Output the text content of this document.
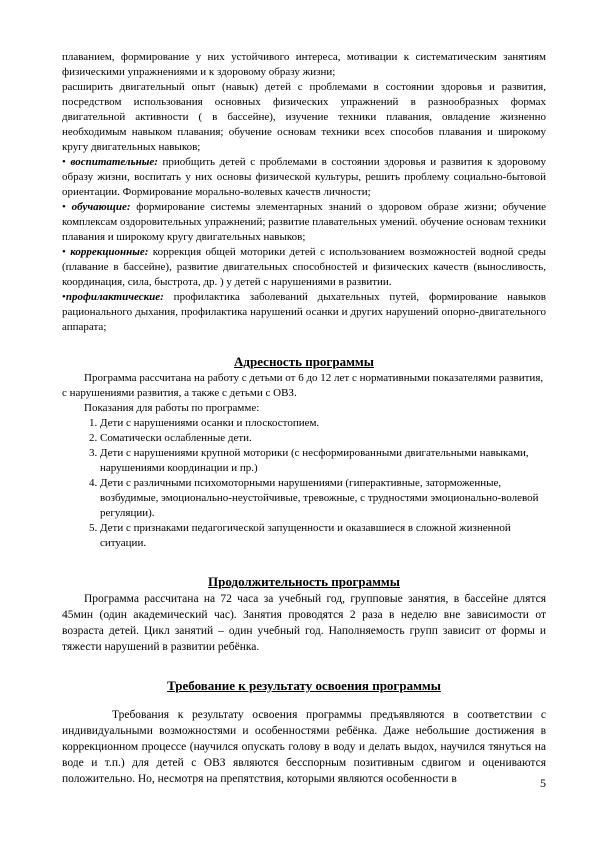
плаванием, формирование у них устойчивого интереса, мотивации к систематическим занятиям физическими упражнениями и к здоровому образу жизни;

расширить двигательный опыт (навык) детей с проблемами в состоянии здоровья и развития, посредством использования основных физических упражнений в разнообразных формах двигательной активности ( в бассейне), изучение техники плавания, овладение жизненно необходимым навыком плавания; обучение основам техники всех способов плавания и широкому кругу двигательных навыков;

• воспитательные: приобщить детей с проблемами в состоянии здоровья и развития к здоровому образу жизни, воспитать у них основы физической культуры, решить проблему социально-бытовой ориентации. Формирование морально-волевых качеств личности;

• обучающие: формирование системы элементарных знаний о здоровом образе жизни; обучение комплексам оздоровительных упражнений; развитие плавательных умений. обучение основам техники плавания и широкому кругу двигательных навыков;

• коррекционные: коррекция общей моторики детей с использованием возможностей водной среды (плавание в бассейне), развитие двигательных способностей и физических качеств (выносливость, координация, сила, быстрота, др. ) у детей с нарушениями в развитии.

•профилактические: профилактика заболеваний дыхательных путей, формирование навыков рационального дыхания, профилактика нарушений осанки и других нарушений опорно-двигательного аппарата;

Адресность программы

Программа рассчитана на работу с детьми от 6 до 12 лет с нормативными показателями развития, с нарушениями развития, а также с детьми с ОВЗ.

Показания для работы по программе:

1. Дети с нарушениями осанки и плоскостопием.
2. Соматически ослабленные дети.
3. Дети с нарушениями крупной моторики (с несформированными двигательными навыками, нарушениями координации и пр.)
4. Дети с различными психомоторными нарушениями (гиперактивные, заторможенные, возбудимые, эмоционально-неустойчивые, тревожные, с трудностями эмоционально-волевой регуляции).
5. Дети с признаками педагогической запущенности и оказавшиеся в сложной жизненной ситуации.
Продолжительность программы

Программа рассчитана на 72 часа за учебный год, групповые занятия, в бассейне длятся 45мин (один академический час). Занятия проводятся 2 раза в неделю вне зависимости от возраста детей. Цикл занятий – один учебный год. Наполняемость групп зависит от формы и тяжести нарушений в развитии ребёнка.

Требование к результату освоения программы

Требования к результату освоения программы предъявляются в соответствии с индивидуальными возможностями и особенностями ребёнка. Даже небольшие достижения в коррекционном процессе (научился опускать голову в воду и делать выдох, научился тянуться на воде и т.п.) для детей с ОВЗ являются бесспорным позитивным сдвигом и оцениваются положительно. Но, несмотря на препятствия, которыми являются особенности в	5
